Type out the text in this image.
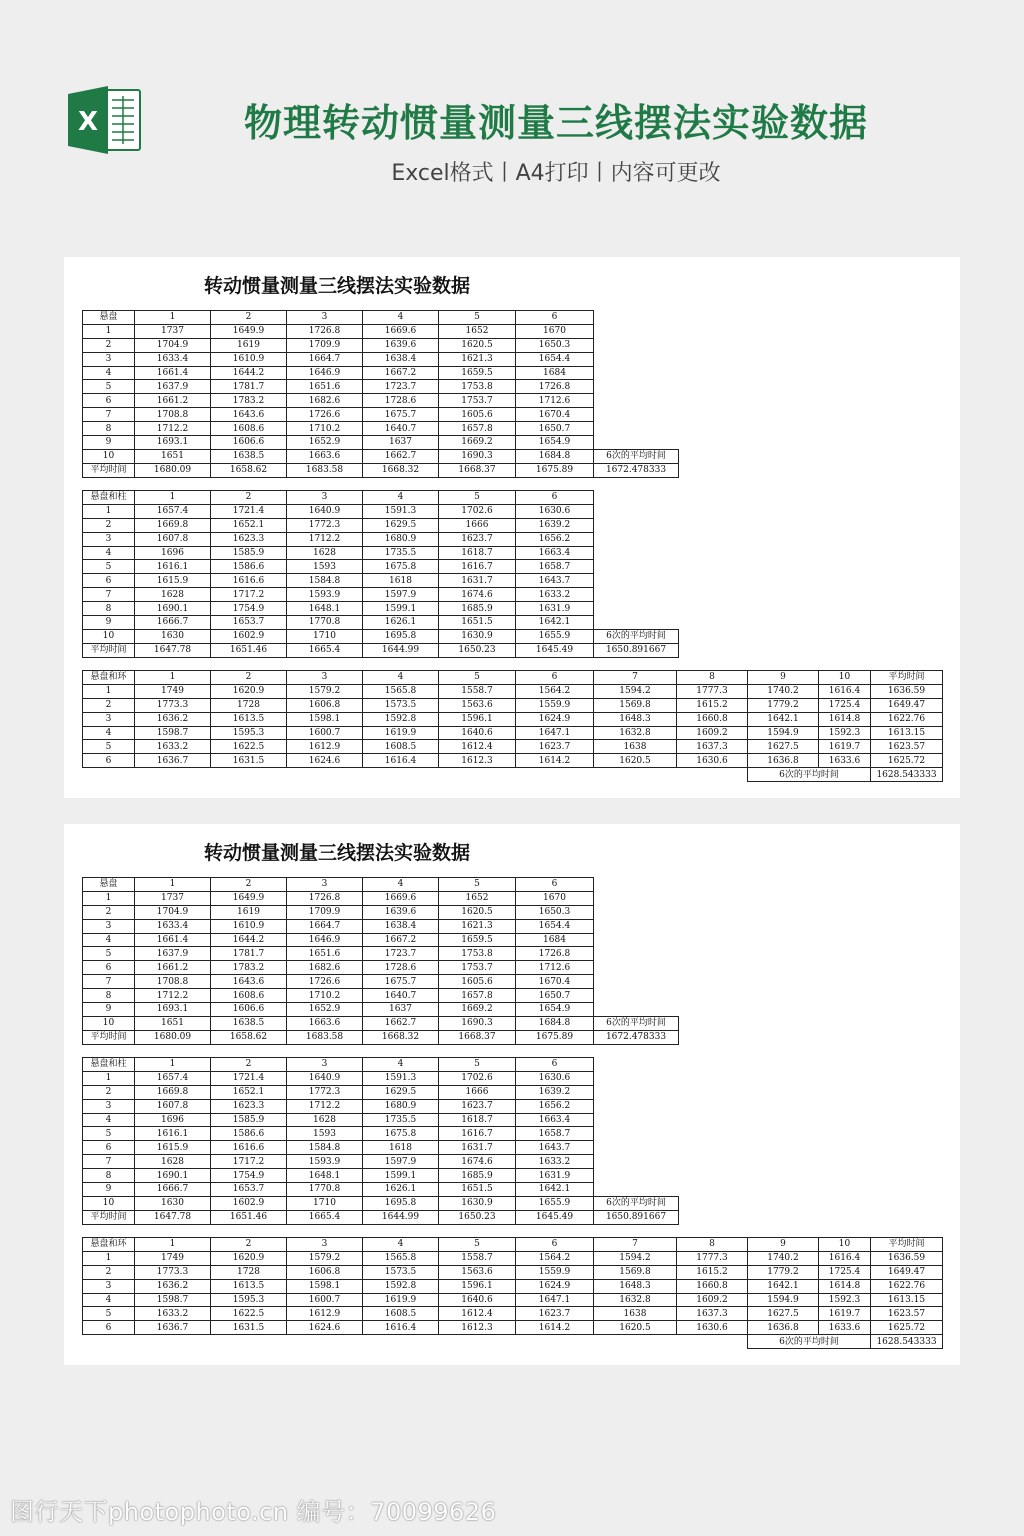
X	物理转动惯量测量三线摆法实验数据
Excel格式丨A4打印丨内容可更改
转动惯量测量三线摆法实验数据
悬盘	1	2	3	4	5	6	
1	1737	1649.9	1726.8	1669.6	1652	1670	
2	1704.9	1619	1709.9	1639.6	1620.5	1650.3	
3	1633.4	1610.9	1664.7	1638.4	1621.3	1654.4	
4	1661.4	1644.2	1646.9	1667.2	1659.5	1684	
5	1637.9	1781.7	1651.6	1723.7	1753.8	1726.8	
6	1661.2	1783.2	1682.6	1728.6	1753.7	1712.6	
7	1708.8	1643.6	1726.6	1675.7	1605.6	1670.4	
8	1712.2	1608.6	1710.2	1640.7	1657.8	1650.7	
9	1693.1	1606.6	1652.9	1637	1669.2	1654.9	
10	1651	1638.5	1663.6	1662.7	1690.3	1684.8	6次的平均时间
平均时间	1680.09	1658.62	1683.58	1668.32	1668.37	1675.89	1672.478333
悬盘和柱	1	2	3	4	5	6	
1	1657.4	1721.4	1640.9	1591.3	1702.6	1630.6	
2	1669.8	1652.1	1772.3	1629.5	1666	1639.2	
3	1607.8	1623.3	1712.2	1680.9	1623.7	1656.2	
4	1696	1585.9	1628	1735.5	1618.7	1663.4	
5	1616.1	1586.6	1593	1675.8	1616.7	1658.7	
6	1615.9	1616.6	1584.8	1618	1631.7	1643.7	
7	1628	1717.2	1593.9	1597.9	1674.6	1633.2	
8	1690.1	1754.9	1648.1	1599.1	1685.9	1631.9	
9	1666.7	1653.7	1770.8	1626.1	1651.5	1642.1	
10	1630	1602.9	1710	1695.8	1630.9	1655.9	6次的平均时间
平均时间	1647.78	1651.46	1665.4	1644.99	1650.23	1645.49	1650.891667
悬盘和环	1	2	3	4	5	6	7	8	9	10	平均时间
1	1749	1620.9	1579.2	1565.8	1558.7	1564.2	1594.2	1777.3	1740.2	1616.4	1636.59
2	1773.3	1728	1606.8	1573.5	1563.6	1559.9	1569.8	1615.2	1779.2	1725.4	1649.47
3	1636.2	1613.5	1598.1	1592.8	1596.1	1624.9	1648.3	1660.8	1642.1	1614.8	1622.76
4	1598.7	1595.3	1600.7	1619.9	1640.6	1647.1	1632.8	1609.2	1594.9	1592.3	1613.15
5	1633.2	1622.5	1612.9	1608.5	1612.4	1623.7	1638	1637.3	1627.5	1619.7	1623.57
6	1636.7	1631.5	1624.6	1616.4	1612.3	1614.2	1620.5	1630.6	1636.8	1633.6	1625.72
									6次的平均时间		1628.543333
转动惯量测量三线摆法实验数据
悬盘	1	2	3	4	5	6	
1	1737	1649.9	1726.8	1669.6	1652	1670	
2	1704.9	1619	1709.9	1639.6	1620.5	1650.3	
3	1633.4	1610.9	1664.7	1638.4	1621.3	1654.4	
4	1661.4	1644.2	1646.9	1667.2	1659.5	1684	
5	1637.9	1781.7	1651.6	1723.7	1753.8	1726.8	
6	1661.2	1783.2	1682.6	1728.6	1753.7	1712.6	
7	1708.8	1643.6	1726.6	1675.7	1605.6	1670.4	
8	1712.2	1608.6	1710.2	1640.7	1657.8	1650.7	
9	1693.1	1606.6	1652.9	1637	1669.2	1654.9	
10	1651	1638.5	1663.6	1662.7	1690.3	1684.8	6次的平均时间
平均时间	1680.09	1658.62	1683.58	1668.32	1668.37	1675.89	1672.478333
悬盘和柱	1	2	3	4	5	6	
1	1657.4	1721.4	1640.9	1591.3	1702.6	1630.6	
2	1669.8	1652.1	1772.3	1629.5	1666	1639.2	
3	1607.8	1623.3	1712.2	1680.9	1623.7	1656.2	
4	1696	1585.9	1628	1735.5	1618.7	1663.4	
5	1616.1	1586.6	1593	1675.8	1616.7	1658.7	
6	1615.9	1616.6	1584.8	1618	1631.7	1643.7	
7	1628	1717.2	1593.9	1597.9	1674.6	1633.2	
8	1690.1	1754.9	1648.1	1599.1	1685.9	1631.9	
9	1666.7	1653.7	1770.8	1626.1	1651.5	1642.1	
10	1630	1602.9	1710	1695.8	1630.9	1655.9	6次的平均时间
平均时间	1647.78	1651.46	1665.4	1644.99	1650.23	1645.49	1650.891667
悬盘和环	1	2	3	4	5	6	7	8	9	10	平均时间
1	1749	1620.9	1579.2	1565.8	1558.7	1564.2	1594.2	1777.3	1740.2	1616.4	1636.59
2	1773.3	1728	1606.8	1573.5	1563.6	1559.9	1569.8	1615.2	1779.2	1725.4	1649.47
3	1636.2	1613.5	1598.1	1592.8	1596.1	1624.9	1648.3	1660.8	1642.1	1614.8	1622.76
4	1598.7	1595.3	1600.7	1619.9	1640.6	1647.1	1632.8	1609.2	1594.9	1592.3	1613.15
5	1633.2	1622.5	1612.9	1608.5	1612.4	1623.7	1638	1637.3	1627.5	1619.7	1623.57
6	1636.7	1631.5	1624.6	1616.4	1612.3	1614.2	1620.5	1630.6	1636.8	1633.6	1625.72
									6次的平均时间		1628.543333
图行天下photophoto.cn 编号：70099626
